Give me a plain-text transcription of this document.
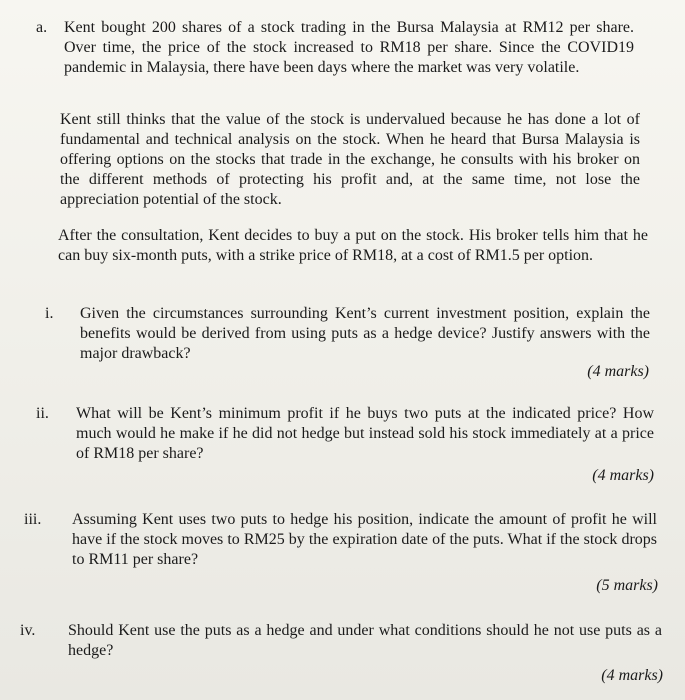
a. Kent bought 200 shares of a stock trading in the Bursa Malaysia at RM12 per share. Over time, the price of the stock increased to RM18 per share. Since the COVID19 pandemic in Malaysia, there have been days where the market was very volatile.

Kent still thinks that the value of the stock is undervalued because he has done a lot of fundamental and technical analysis on the stock. When he heard that Bursa Malaysia is offering options on the stocks that trade in the exchange, he consults with his broker on the different methods of protecting his profit and, at the same time, not lose the appreciation potential of the stock.

After the consultation, Kent decides to buy a put on the stock. His broker tells him that he can buy six-month puts, with a strike price of RM18, at a cost of RM1.5 per option.

i. Given the circumstances surrounding Kent’s current investment position, explain the benefits would be derived from using puts as a hedge device? Justify answers with the major drawback?

(4 marks)
ii. What will be Kent’s minimum profit if he buys two puts at the indicated price? How much would he make if he did not hedge but instead sold his stock immediately at a price of RM18 per share?

(4 marks)
iii. Assuming Kent uses two puts to hedge his position, indicate the amount of profit he will have if the stock moves to RM25 by the expiration date of the puts. What if the stock drops to RM11 per share?

(5 marks)
iv. Should Kent use the puts as a hedge and under what conditions should he not use puts as a hedge?

(4 marks)
